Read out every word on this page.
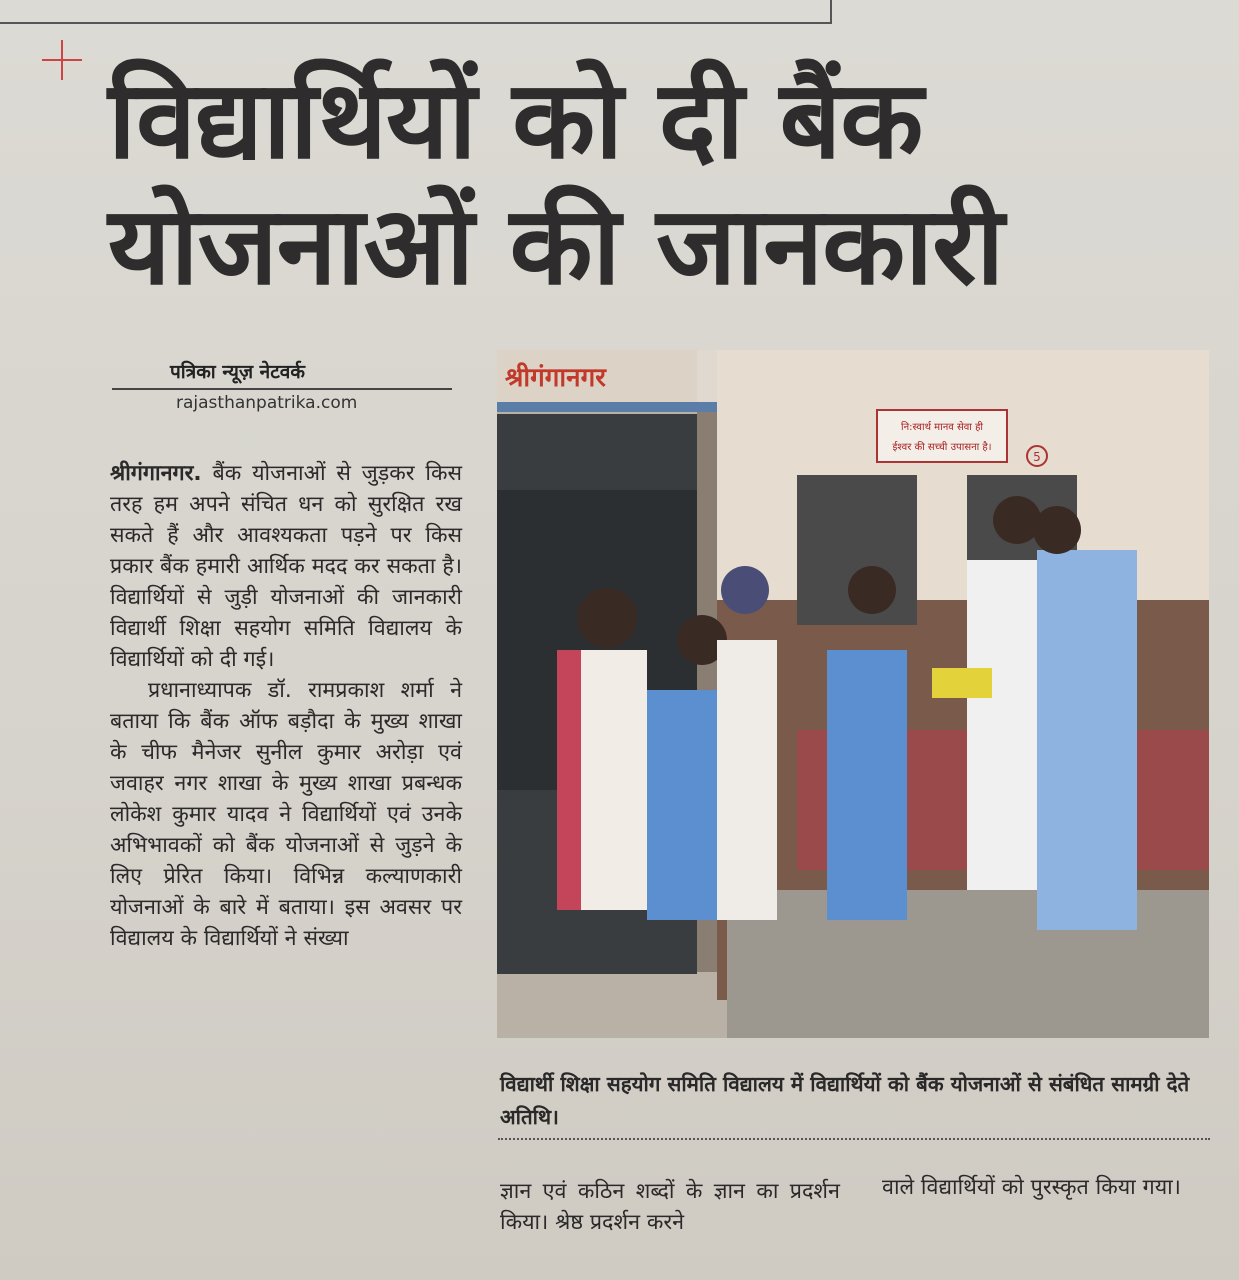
विद्यार्थियों को दी बैंक
योजनाओं की जानकारी
पत्रिका न्यूज़ नेटवर्क
rajasthanpatrika.com

श्रीगंगानगर. बैंक योजनाओं से जुड़कर किस तरह हम अपने संचित धन को सुरक्षित रख सकते हैं और आवश्यकता पड़ने पर किस प्रकार बैंक हमारी आर्थिक मदद कर सकता है। विद्यार्थियों से जुड़ी योजनाओं की जानकारी विद्यार्थी शिक्षा सहयोग समिति विद्यालय के विद्यार्थियों को दी गई।

प्रधानाध्यापक डॉ. रामप्रकाश शर्मा ने बताया कि बैंक ऑफ बड़ौदा के मुख्य शाखा के चीफ मैनेजर सुनील कुमार अरोड़ा एवं जवाहर नगर शाखा के मुख्य शाखा प्रबन्धक लोकेश कुमार यादव ने विद्यार्थियों एवं उनके अभिभावकों को बैंक योजनाओं से जुड़ने के लिए प्रेरित किया। विभिन्न कल्याणकारी योजनाओं के बारे में बताया। इस अवसर पर विद्यालय के विद्यार्थियों ने संख्या

श्रीगंगानगर
नि:स्वार्थ मानव सेवा ही
ईश्वर की सच्ची उपासना है।
5
विद्यार्थी शिक्षा सहयोग समिति विद्यालय में विद्यार्थियों को बैंक योजनाओं से संबंधित सामग्री देते अतिथि।

ज्ञान एवं कठिन शब्दों के ज्ञान का प्रदर्शन किया। श्रेष्ठ प्रदर्शन करने

वाले विद्यार्थियों को पुरस्कृत किया गया।
